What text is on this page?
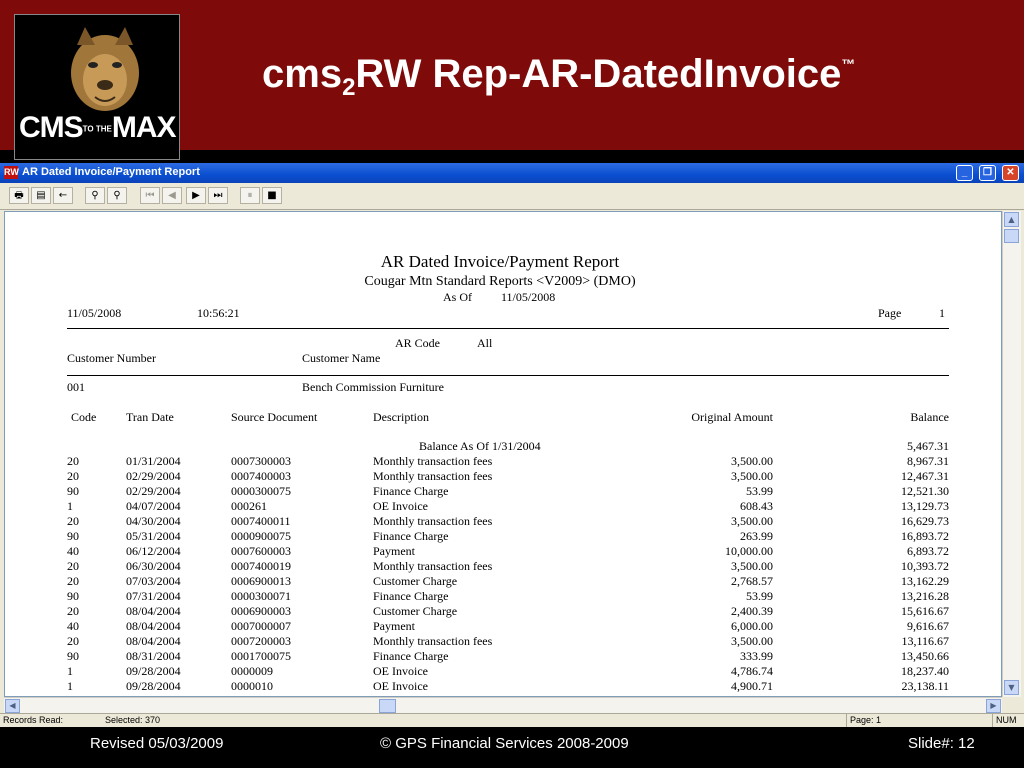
CMSTO THEMAX
cms$_2$RW Rep-AR-DatedInvoice™
RW AR Dated Invoice/Payment Report	_	❐	✕
🖶	▤	←	⚲	⚲	⏮	◀	▶	⏭	⏸	■
AR Dated Invoice/Payment Report
Cougar Mtn Standard Reports <V2009> (DMO)
As Of 11/05/2008
11/05/2008	10:56:21	Page	1
AR Code	All
Customer Number	Customer Name
001	Bench Commission Furniture
Code Tran Date	Source Document	Description	Original Amount	Balance
Balance As Of 1/31/2004	5,467.31
20	01/31/2004	0007300003	Monthly transaction fees	3,500.00	8,967.31
20	02/29/2004	0007400003	Monthly transaction fees	3,500.00	12,467.31
90	02/29/2004	0000300075	Finance Charge	53.99	12,521.30
1	04/07/2004	000261	OE Invoice	608.43	13,129.73
20	04/30/2004	0007400011	Monthly transaction fees	3,500.00	16,629.73
90	05/31/2004	0000900075	Finance Charge	263.99	16,893.72
40	06/12/2004	0007600003	Payment	10,000.00	6,893.72
20	06/30/2004	0007400019	Monthly transaction fees	3,500.00	10,393.72
20	07/03/2004	0006900013	Customer Charge	2,768.57	13,162.29
90	07/31/2004	0000300071	Finance Charge	53.99	13,216.28
20	08/04/2004	0006900003	Customer Charge	2,400.39	15,616.67
40	08/04/2004	0007000007	Payment	6,000.00	9,616.67
20	08/04/2004	0007200003	Monthly transaction fees	3,500.00	13,116.67
90	08/31/2004	0001700075	Finance Charge	333.99	13,450.66
1	09/28/2004	0000009	OE Invoice	4,786.74	18,237.40
1	09/28/2004	0000010	OE Invoice	4,900.71	23,138.11
▲
▼
◀	▶
Records Read:	Selected: 370	Page: 1	NUM
Revised 05/03/2009	© GPS Financial Services 2008-2009	Slide#: 12
